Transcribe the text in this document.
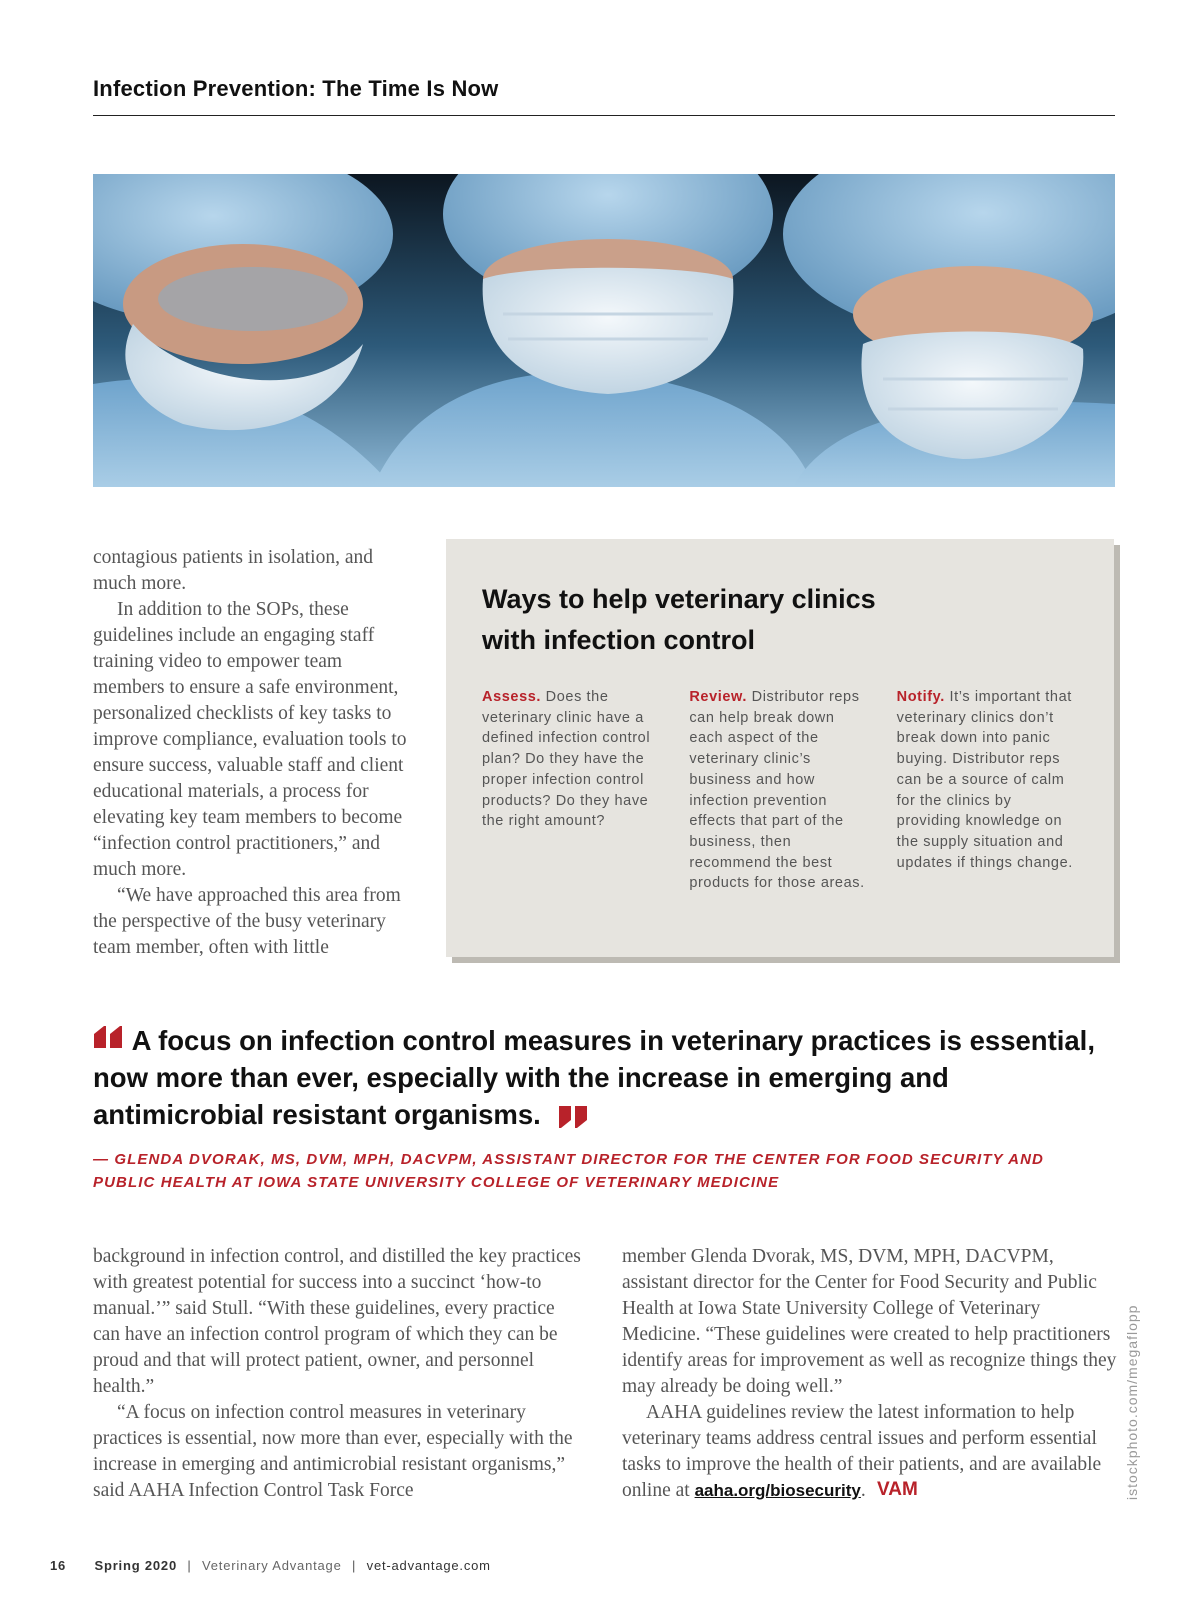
Infection Prevention: The Time Is Now

contagious patients in isolation, and much more.

In addition to the SOPs, these guidelines include an engaging staff training video to empower team members to ensure a safe environment, personalized checklists of key tasks to improve compliance, evaluation tools to ensure success, valuable staff and client educational materials, a process for elevating key team members to become “infection control practitioners,” and much more.

“We have approached this area from the perspective of the busy veterinary team member, often with little

Ways to help veterinary clinics with infection control
Assess. Does the veterinary clinic have a defined infection control plan? Do they have the proper infection control products? Do they have the right amount?
Review. Distributor reps can help break down each aspect of the veterinary clinic’s business and how infection prevention effects that part of the business, then recommend the best products for those areas.
Notify. It’s important that veterinary clinics don’t break down into panic buying. Distributor reps can be a source of calm for the clinics by providing knowledge on the supply situation and updates if things change.

A focus on infection control measures in veterinary practices is essential, now more than ever, especially with the increase in emerging and antimicrobial resistant organisms.

— GLENDA DVORAK, MS, DVM, MPH, DACVPM, ASSISTANT DIRECTOR FOR THE CENTER FOR FOOD SECURITY AND PUBLIC HEALTH AT IOWA STATE UNIVERSITY COLLEGE OF VETERINARY MEDICINE

background in infection control, and distilled the key practices with greatest potential for success into a succinct ‘how-to manual.’” said Stull. “With these guidelines, every practice can have an infection control program of which they can be proud and that will protect patient, owner, and personnel health.”

“A focus on infection control measures in veterinary practices is essential, now more than ever, especially with the increase in emerging and antimicrobial resistant organisms,” said AAHA Infection Control Task Force

member Glenda Dvorak, MS, DVM, MPH, DACVPM, assistant director for the Center for Food Security and Public Health at Iowa State University College of Veterinary Medicine. “These guidelines were created to help practitioners identify areas for improvement as well as recognize things they may already be doing well.”

AAHA guidelines review the latest information to help veterinary teams address central issues and perform essential tasks to improve the health of their patients, and are available online at aaha.org/biosecurity. VAM	istockphoto.com/megaflopp
16 Spring 2020 | Veterinary Advantage | vet-advantage.com
